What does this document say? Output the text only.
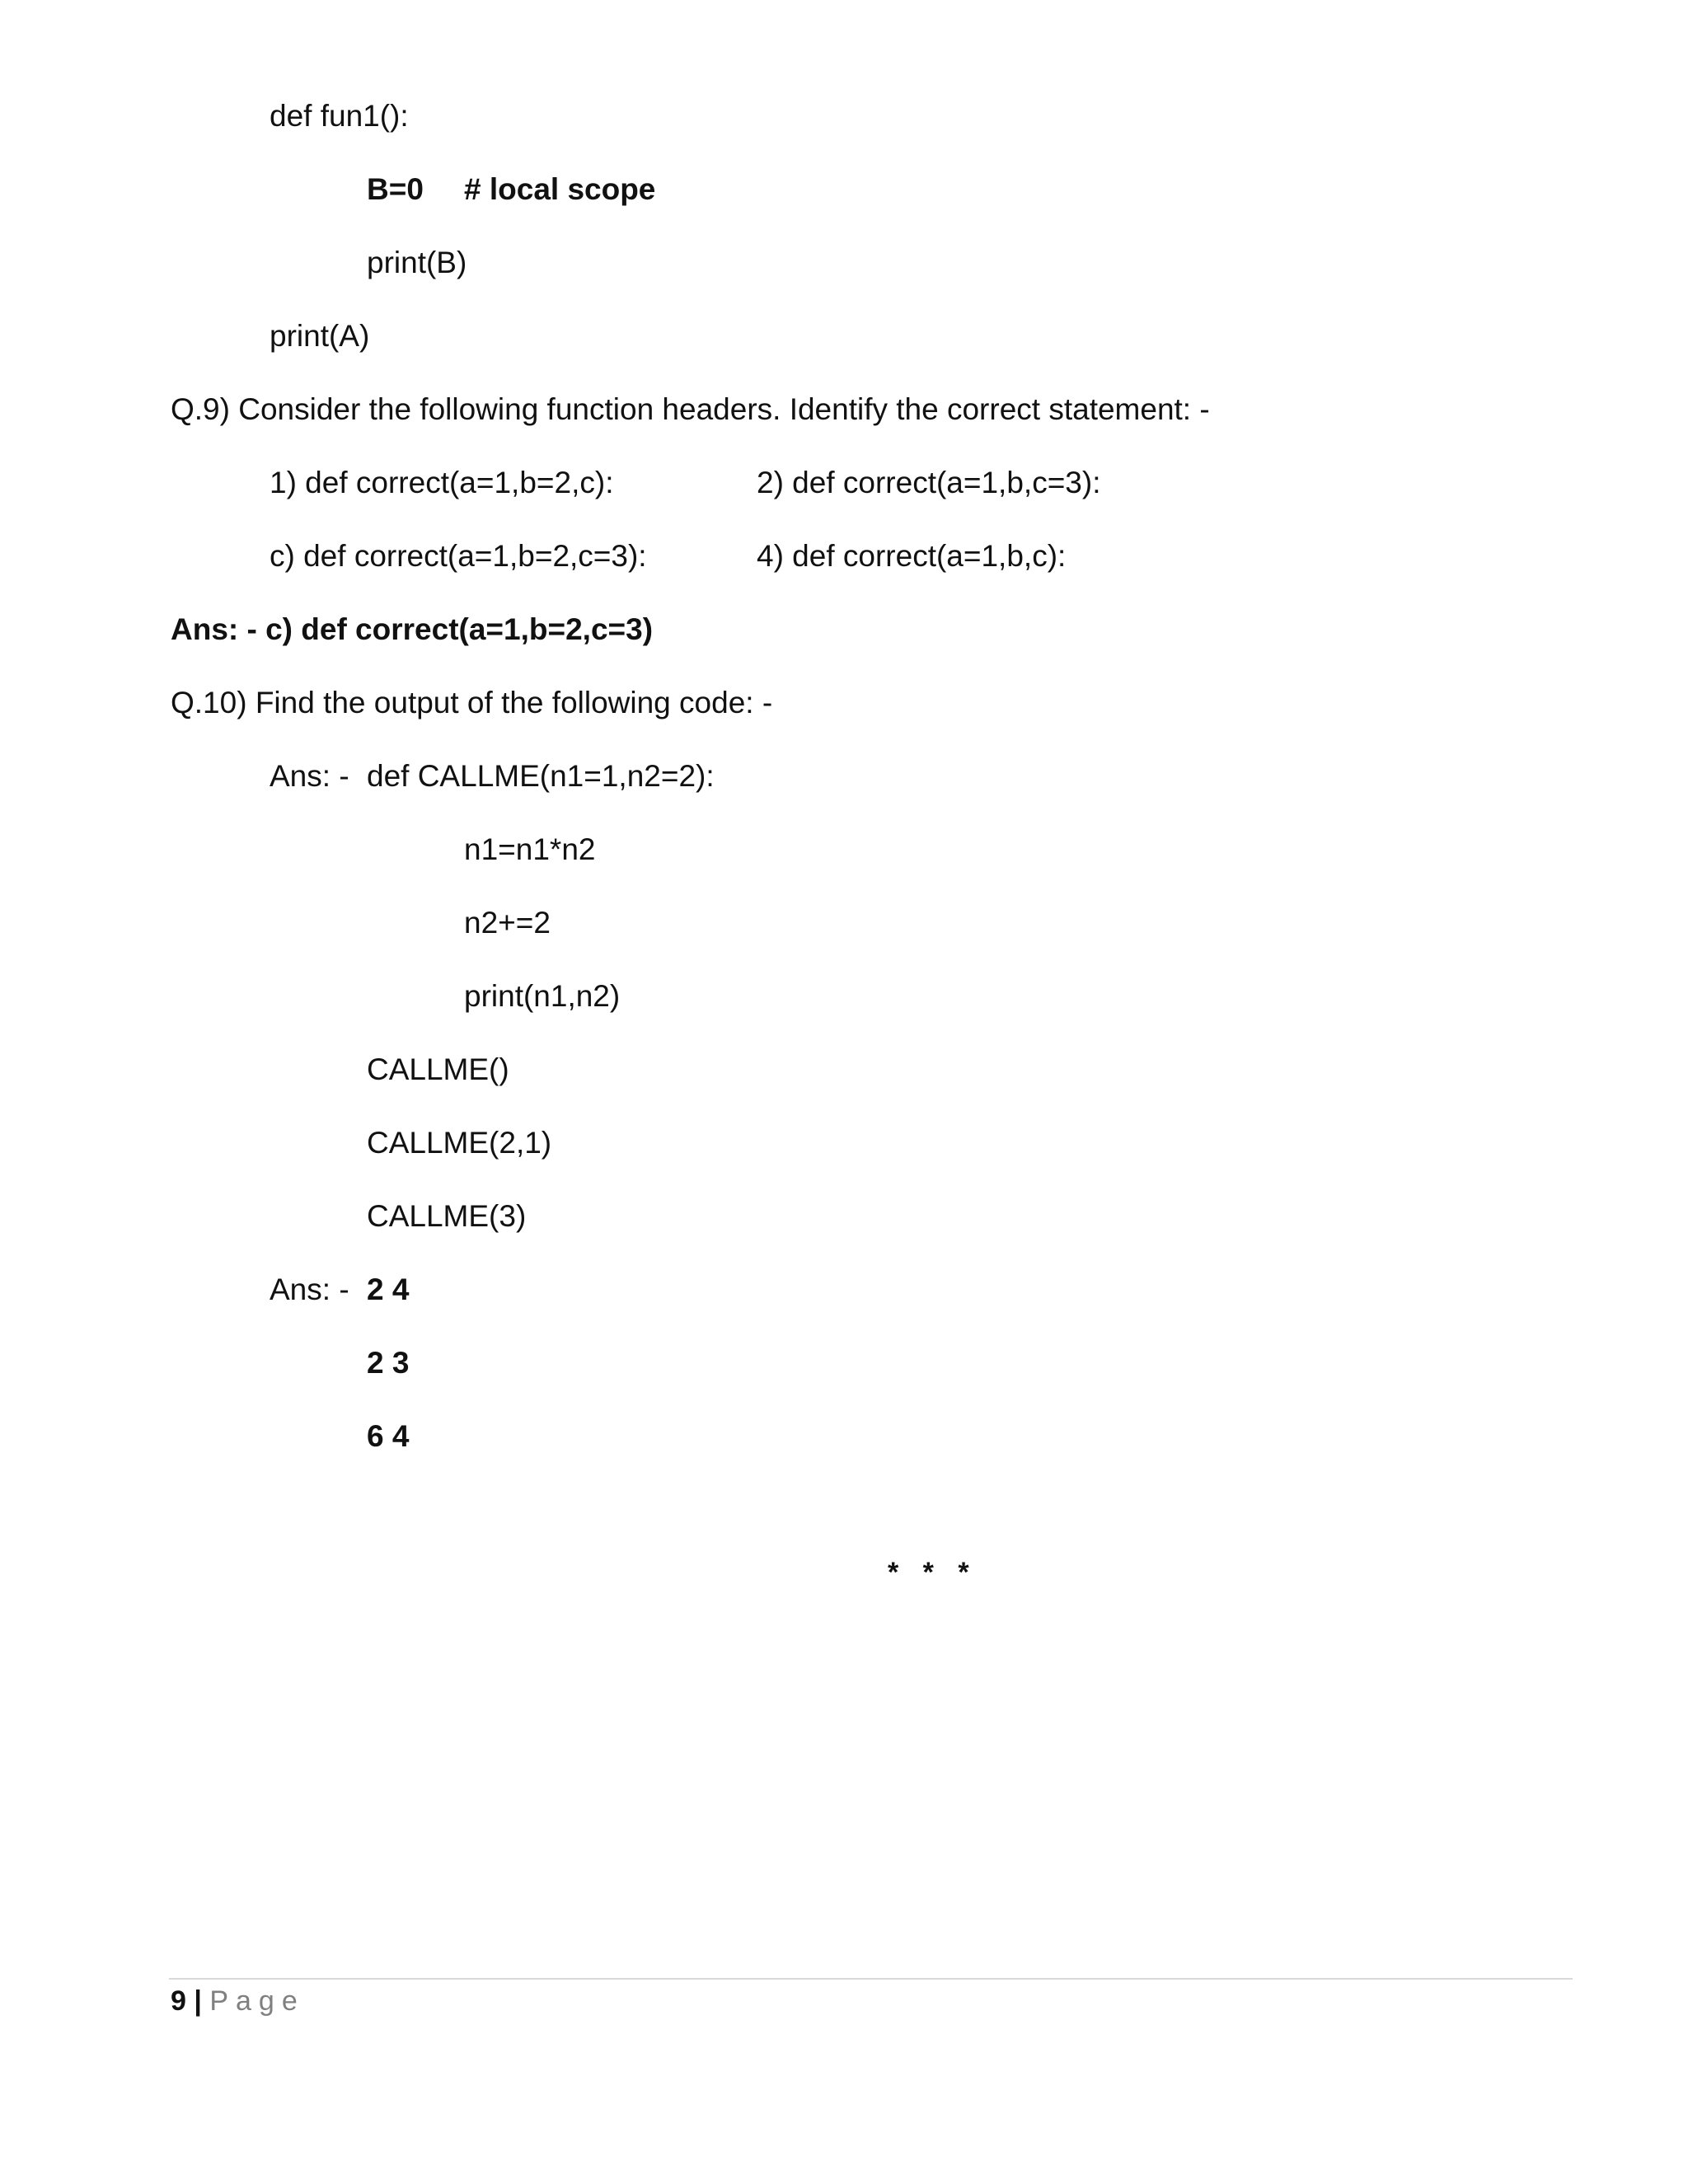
def fun1():

B=0 # local scope

print(B)

print(A)

Q.9) Consider the following function headers. Identify the correct statement: -

1) def correct(a=1,b=2,c):	2) def correct(a=1,b,c=3):

c) def correct(a=1,b=2,c=3):	4) def correct(a=1,b,c):

Ans: - c) def correct(a=1,b=2,c=3)

Q.10) Find the output of the following code: -

Ans: - def CALLME(n1=1,n2=2):

n1=n1*n2

n2+=2

print(n1,n2)

CALLME()

CALLME(2,1)

CALLME(3)

Ans: - 2 4

2 3

6 4

* * *

9 | Page
